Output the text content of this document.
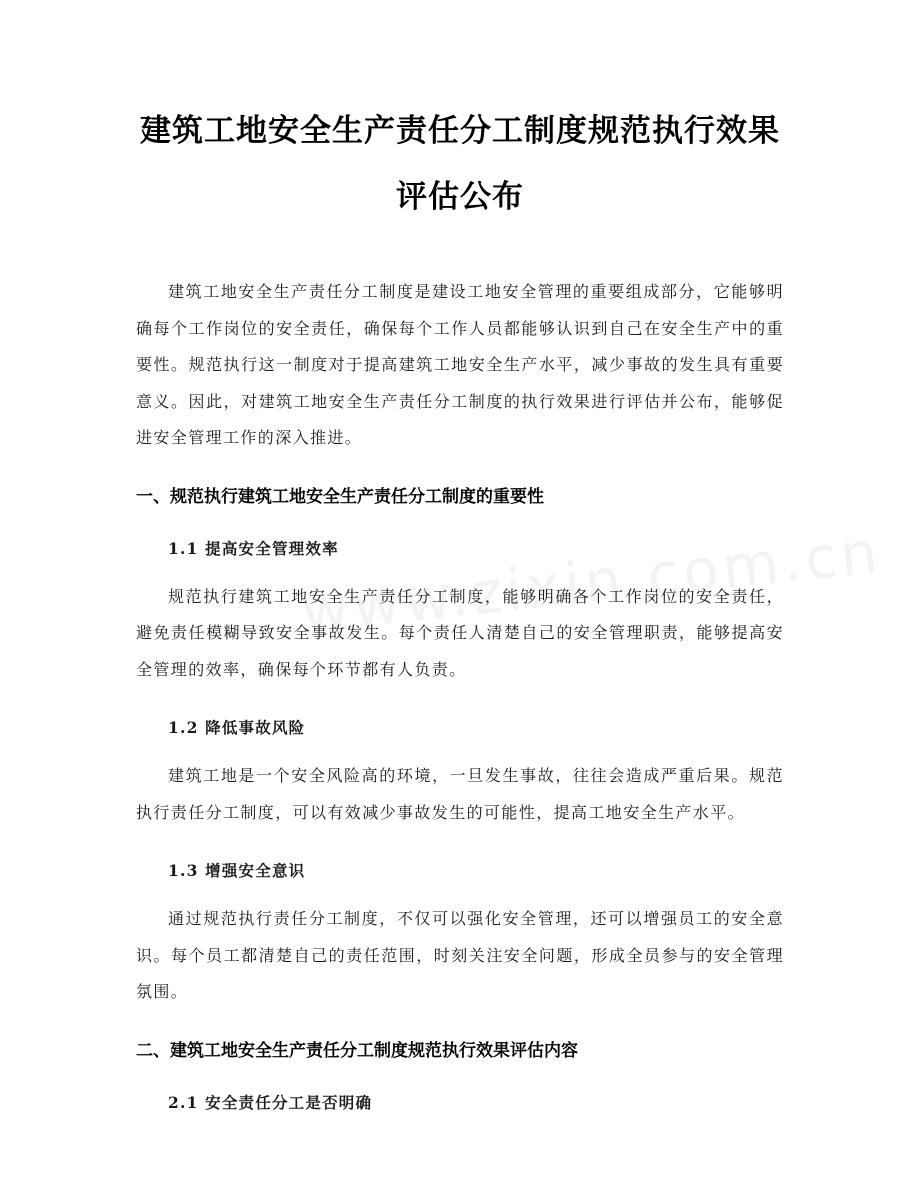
建筑工地安全生产责任分工制度规范执行效果评估公布

建筑工地安全生产责任分工制度是建设工地安全管理的重要组成部分，它能够明确每个工作岗位的安全责任，确保每个工作人员都能够认识到自己在安全生产中的重要性。规范执行这一制度对于提高建筑工地安全生产水平，减少事故的发生具有重要意义。因此，对建筑工地安全生产责任分工制度的执行效果进行评估并公布，能够促进安全管理工作的深入推进。

一、规范执行建筑工地安全生产责任分工制度的重要性
1.1 提高安全管理效率

规范执行建筑工地安全生产责任分工制度，能够明确各个工作岗位的安全责任，避免责任模糊导致安全事故发生。每个责任人清楚自己的安全管理职责，能够提高安全管理的效率，确保每个环节都有人负责。

1.2 降低事故风险

建筑工地是一个安全风险高的环境，一旦发生事故，往往会造成严重后果。规范执行责任分工制度，可以有效减少事故发生的可能性，提高工地安全生产水平。

1.3 增强安全意识

通过规范执行责任分工制度，不仅可以强化安全管理，还可以增强员工的安全意识。每个员工都清楚自己的责任范围，时刻关注安全问题，形成全员参与的安全管理氛围。

二、建筑工地安全生产责任分工制度规范执行效果评估内容
2.1 安全责任分工是否明确
